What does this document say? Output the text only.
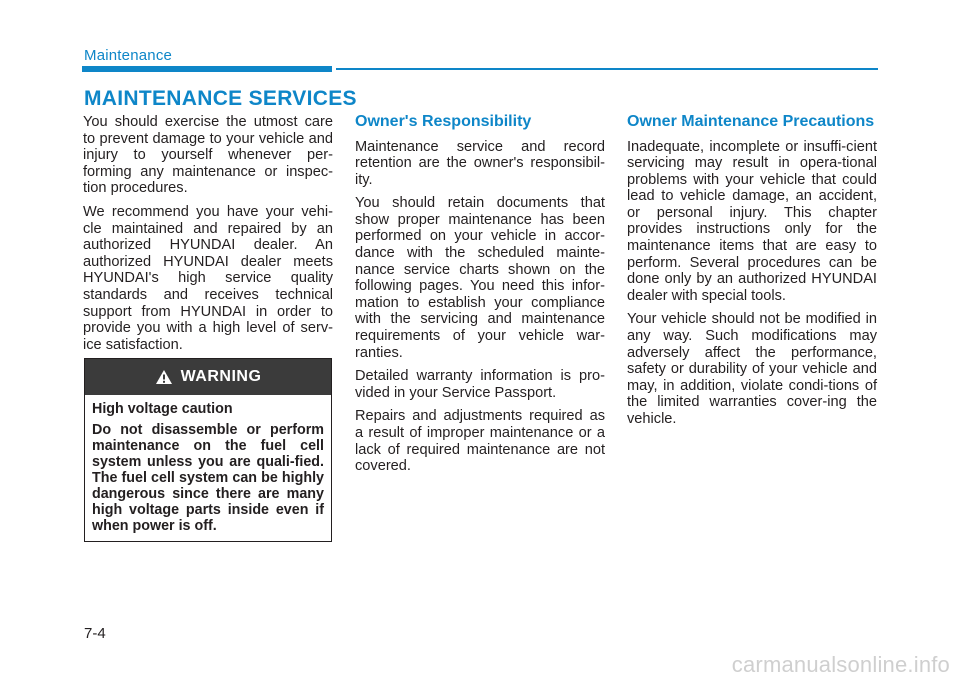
Maintenance
MAINTENANCE SERVICES

You should exercise the utmost care to prevent damage to your vehicle and injury to yourself whenever per-forming any maintenance or inspec-tion procedures.

We recommend you have your vehi-cle maintained and repaired by an authorized HYUNDAI dealer. An authorized HYUNDAI dealer meets HYUNDAI's high service quality standards and receives technical support from HYUNDAI in order to provide you with a high level of serv-ice satisfaction.

WARNING

High voltage caution

Do not disassemble or perform maintenance on the fuel cell system unless you are quali-fied. The fuel cell system can be highly dangerous since there are many high voltage parts inside even if when power is off.

Owner's Responsibility

Maintenance service and record retention are the owner's responsibil-ity.

You should retain documents that show proper maintenance has been performed on your vehicle in accor-dance with the scheduled mainte-nance service charts shown on the following pages. You need this infor-mation to establish your compliance with the servicing and maintenance requirements of your vehicle war-ranties.

Detailed warranty information is pro-vided in your Service Passport.

Repairs and adjustments required as a result of improper maintenance or a lack of required maintenance are not covered.

Owner Maintenance Precautions

Inadequate, incomplete or insuffi-cient servicing may result in opera-tional problems with your vehicle that could lead to vehicle damage, an accident, or personal injury. This chapter provides instructions only for the maintenance items that are easy to perform. Several procedures can be done only by an authorized HYUNDAI dealer with special tools.

Your vehicle should not be modified in any way. Such modifications may adversely affect the performance, safety or durability of your vehicle and may, in addition, violate condi-tions of the limited warranties cover-ing the vehicle.

7-4
carmanualsonline.info
